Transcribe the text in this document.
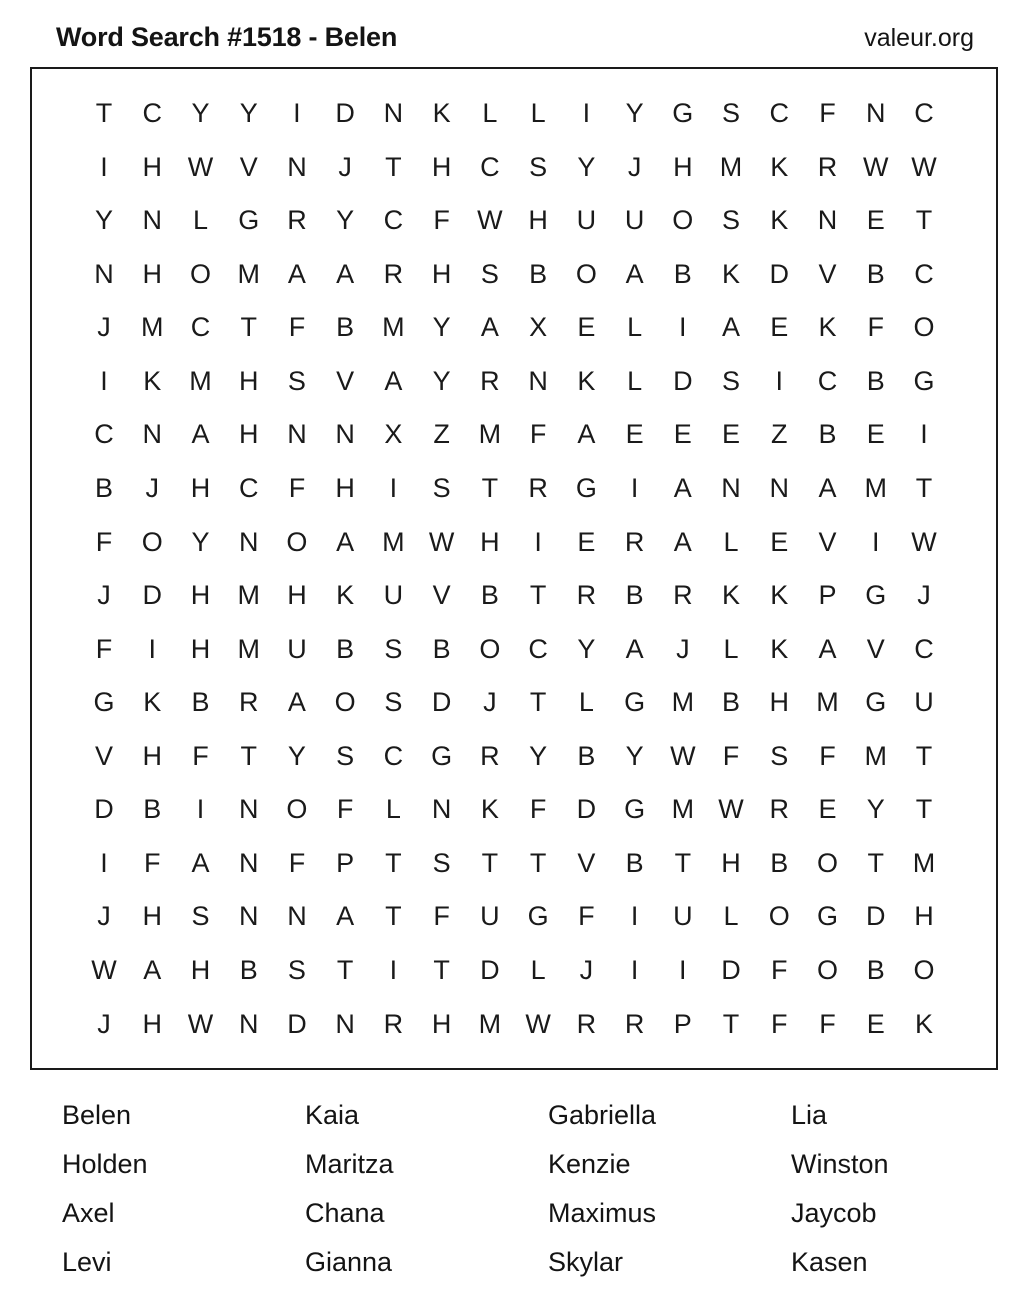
Word Search #1518 - Belen	valeur.org
T	C	Y	Y	I	D	N	K	L	L	I	Y	G	S	C	F	N	C
I	H W V	N	J	T	H	C	S	Y	J	H	M	K	R W W
Y	N	L	G	R	Y	C	F	W H	U	U	O	S	K	N	E	T
N	H	O M	A	A	R	H	S	B	O	A	B	K	D	V	B	C
J	M	C	T	F	B	M	Y	A	X	E	L	I	A	E	K	F	O
I	K	M	H	S	V	A	Y	R	N	K	L	D	S	I	C	B	G
C	N	A	H	N	N	X	Z	M	F	A	E	E	E	Z	B	E	I
B	J	H	C	F	H	I	S	T	R	G	I	A	N	N	A	M	T
F	O	Y	N	O	A	M W H	I	E	R	A	L	E	V	I	W
J	D	H	M	H	K	U	V	B	T	R	B	R	K	K	P	G	J
F	I	H	M	U	B	S	B	O	C	Y	A	J	L	K	A	V	C
G	K	B	R	A	O	S	D	J	T	L	G M	B	H	M G	U
V	H	F	T	Y	S	C	G	R	Y	B	Y W	F	S	F	M	T
D	B	I	N	O	F	L	N	K	F	D	G M W R	E	Y	T
I	F	A	N	F	P	T	S	T	T	V	B	T	H	B	O	T	M
J	H	S	N	N	A	T	F	U	G	F	I	U	L	O	G	D	H
W A	H	B	S	T	I	T	D	L	J	I	I	D	F	O	B	O
J	H W N	D	N	R	H	M W R	R	P	T	F	F	E	K
Belen	Kaia	Gabriella	Lia
Holden	Maritza	Kenzie	Winston
Axel	Chana	Maximus	Jaycob
Levi	Gianna	Skylar	Kasen
